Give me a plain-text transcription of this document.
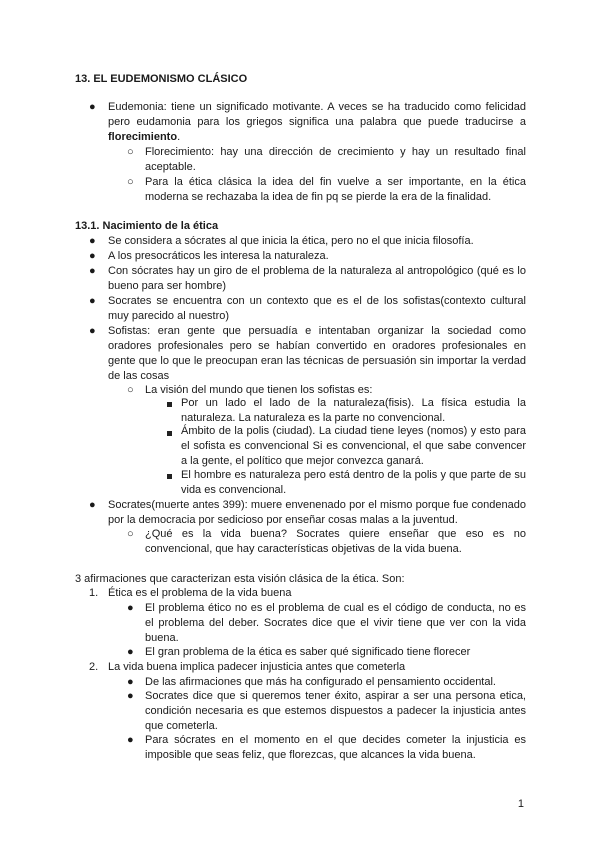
13. EL EUDEMONISMO CLÁSICO
● Eudemonia: tiene un significado motivante. A veces se ha traducido como felicidad pero eudamonia para los griegos significa una palabra que puede traducirse a florecimiento.
○ Florecimiento: hay una dirección de crecimiento y hay un resultado final aceptable.
○ Para la ética clásica la idea del fin vuelve a ser importante, en la ética moderna se rechazaba la idea de fin pq se pierde la era de la finalidad.
13.1. Nacimiento de la ética
● Se considera a sócrates al que inicia la ética, pero no el que inicia filosofía.
● A los presocráticos les interesa la naturaleza.
● Con sócrates hay un giro de el problema de la naturaleza al antropológico (qué es lo bueno para ser hombre)
● Socrates se encuentra con un contexto que es el de los sofistas(contexto cultural muy parecido al nuestro)
● Sofistas: eran gente que persuadía e intentaban organizar la sociedad como oradores profesionales pero se habían convertido en oradores profesionales en gente que lo que le preocupan eran las técnicas de persuasión sin importar la verdad de las cosas
○ La visión del mundo que tienen los sofistas es:
Por un lado el lado de la naturaleza(fisis). La física estudia la naturaleza. La naturaleza es la parte no convencional.
Ámbito de la polis (ciudad). La ciudad tiene leyes (nomos) y esto para el sofista es convencional Si es convencional, el que sabe convencer a la gente, el político que mejor convezca ganará.
El hombre es naturaleza pero está dentro de la polis y que parte de su vida es convencional.
● Socrates(muerte antes 399): muere envenenado por el mismo porque fue condenado por la democracia por sedicioso por enseñar cosas malas a la juventud.
○ ¿Qué es la vida buena? Socrates quiere enseñar que eso es no convencional, que hay características objetivas de la vida buena.
3 afirmaciones que caracterizan esta visión clásica de la ética. Son:
1. Ética es el problema de la vida buena
● El problema ético no es el problema de cual es el código de conducta, no es el problema del deber. Socrates dice que el vivir tiene que ver con la vida buena.
● El gran problema de la ética es saber qué significado tiene florecer
2. La vida buena implica padecer injusticia antes que cometerla
● De las afirmaciones que más ha configurado el pensamiento occidental.
● Socrates dice que si queremos tener éxito, aspirar a ser una persona etica, condición necesaria es que estemos dispuestos a padecer la injusticia antes que cometerla.
● Para sócrates en el momento en el que decides cometer la injusticia es imposible que seas feliz, que florezcas, que alcances la vida buena.
1
